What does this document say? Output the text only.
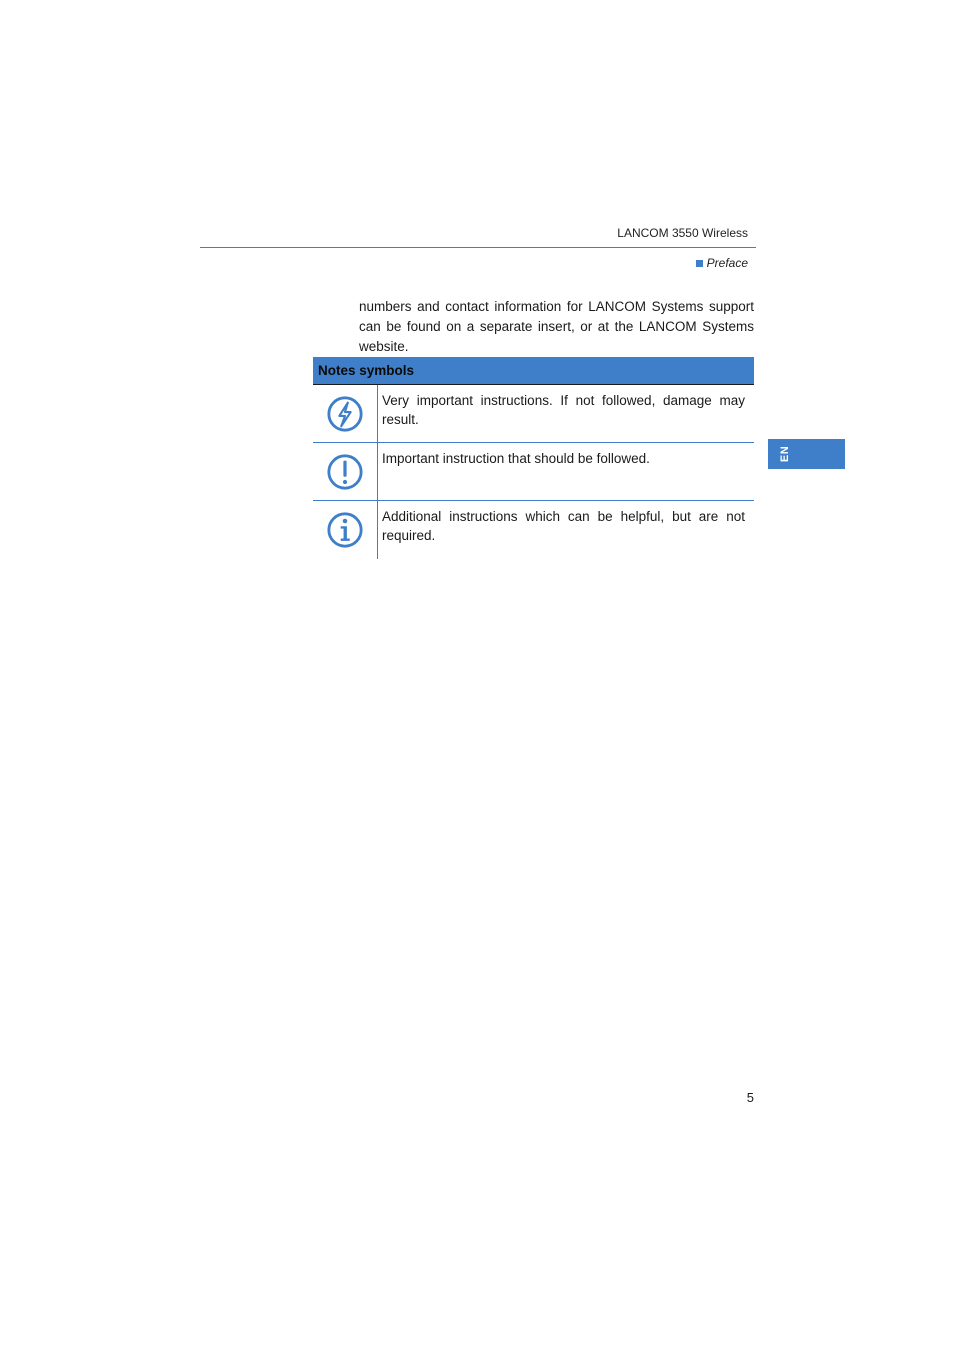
LANCOM 3550 Wireless
Preface
numbers and contact information for LANCOM Systems support can be found on a separate insert, or at the LANCOM Systems website.
Notes symbols
Very important instructions. If not followed, damage may result.
Important instruction that should be followed.
Additional instructions which can be helpful, but are not required.
EN
5
